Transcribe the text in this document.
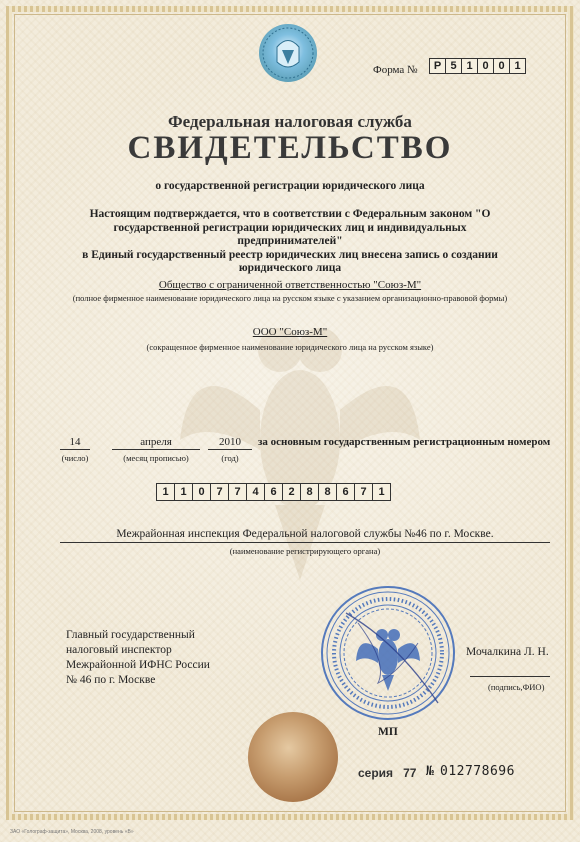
Форма №	Р 5 1 0 0 1
Федеральная налоговая служба
СВИДЕТЕЛЬСТВО
о государственной регистрации юридического лица
Настоящим подтверждается, что в соответствии с Федеральным законом "О
государственной регистрации юридических лиц и индивидуальных предпринимателей"
в Единый государственный реестр юридических лиц внесена запись о создании
юридического лица
Общество с ограниченной ответственностью "Союз-М"
(полное фирменное наименование юридического лица на русском языке с указанием организационно-правовой формы)
ООО "Союз-М"
(сокращенное фирменное наименование юридического лица на русском языке)
14
(число)
апреля
(месяц прописью)
2010
(год)
за основным государственным регистрационным номером
1	1	0	7	7	4	6	2	8	8	6	7	1
Межрайонная инспекция Федеральной налоговой службы №46 по г. Москве.
(наименование регистрирующего органа)
Главный государственный
налоговый инспектор
Межрайонной ИФНС России
№ 46 по г. Москве
Мочалкина Л. Н.
(подпись,ФИО)
МП
серия 77 № 012778696
ЗАО «Голограф-защита», Москва, 2008, уровень «В»
